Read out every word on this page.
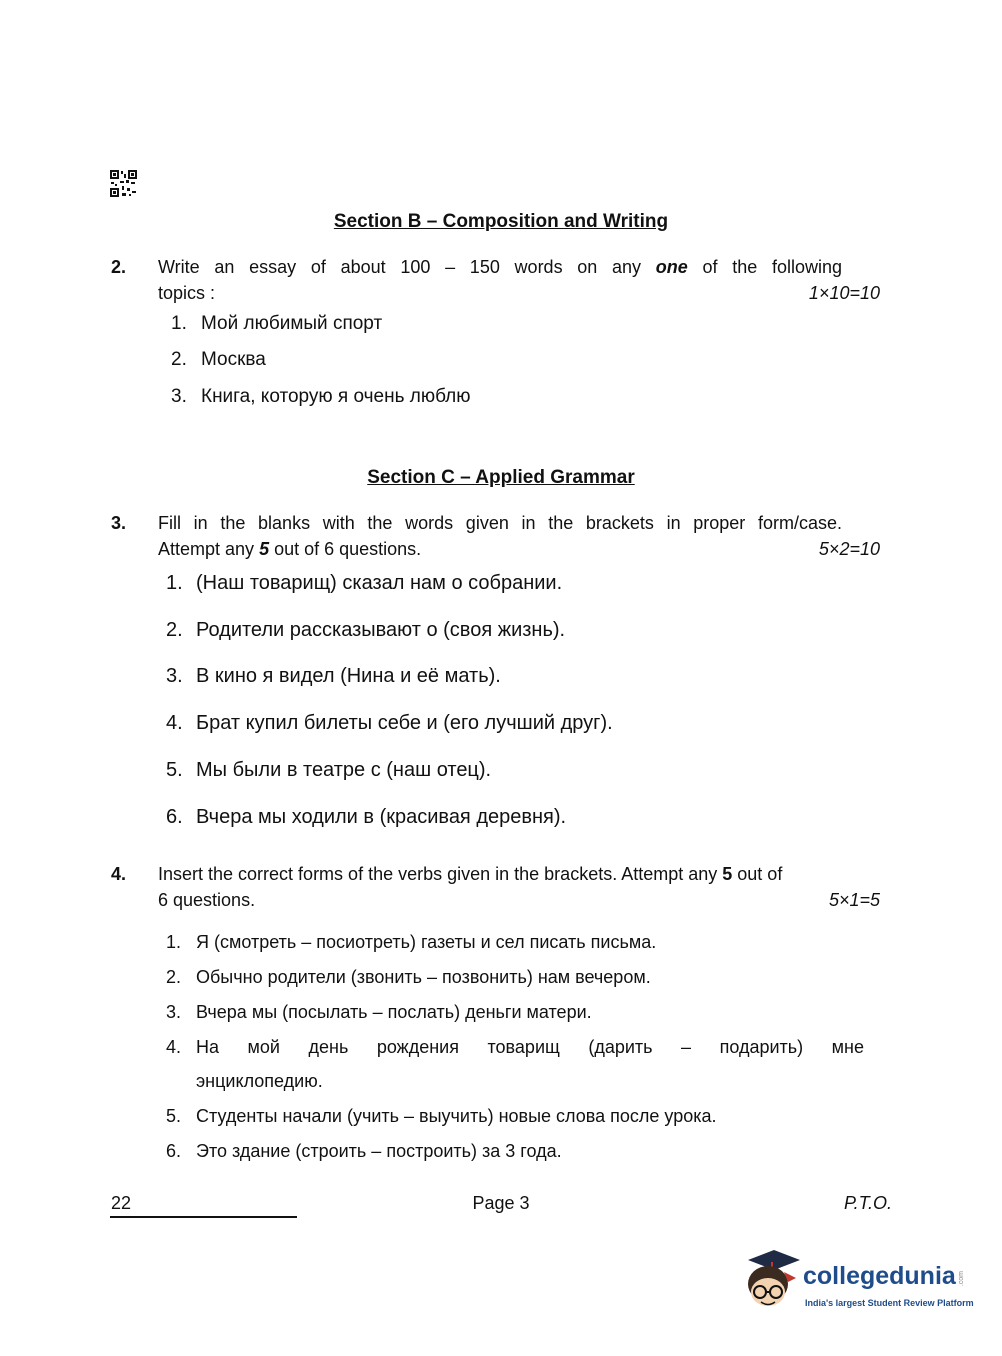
Section B – Composition and Writing
2. Write an essay of about 100 – 150 words on any one of the following
topics :	1×10=10
1. Мой любимый спорт
2. Москва
3. Книга, которую я очень люблю
Section C – Applied Grammar
3. Fill in the blanks with the words given in the brackets in proper form/case.
Attempt any 5 out of 6 questions.	5×2=10
1. (Наш товарищ) сказал нам о собрании.
2. Родители рассказывают о (своя жизнь).
3. В кино я видел (Нина и её мать).
4. Брат купил билеты себе и (его лучший друг).
5. Мы были в театре с (наш отец).
6. Вчера мы ходили в (красивая деревня).
4. Insert the correct forms of the verbs given in the brackets. Attempt any 5 out of
6 questions.	5×1=5
1. Я (смотреть – посиотреть) газеты и сел писать письма.
2. Обычно родители (звонить – позвонить) нам вечером.
3. Вчера мы (посылать – послать) деньги матери.
4. На мой день рождения товарищ (дарить – подарить) мне
энциклопедию.
5. Студенты начали (учить – выучить) новые слова после урока.
6. Это здание (строить – построить) за 3 года.
22	Page 3	P.T.O.
collegedunia .com
India's largest Student Review Platform
